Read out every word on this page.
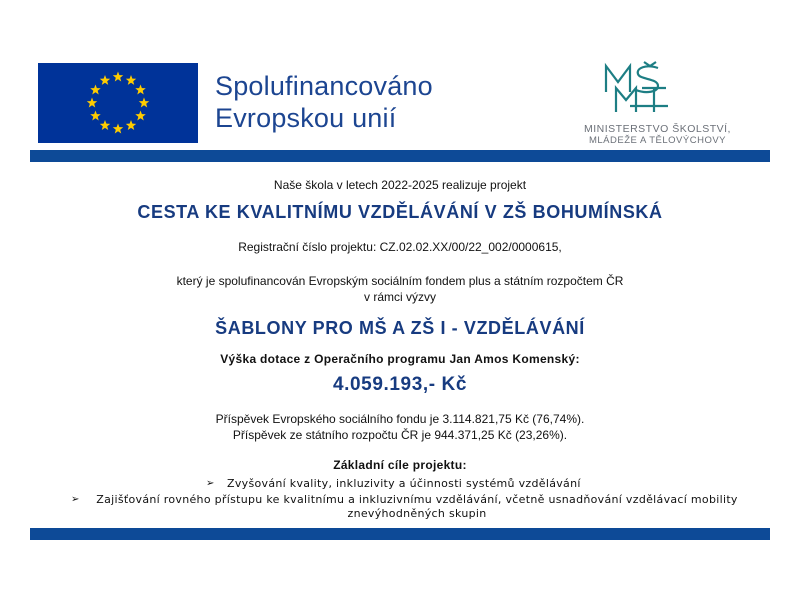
Spolufinancováno
Evropskou unií	MINISTERSTVO ŠKOLSTVÍ,
MLÁDEŽE A TĚLOVÝCHOVY
Naše škola v letech 2022-2025 realizuje projekt
CESTA KE KVALITNÍMU VZDĚLÁVÁNÍ V ZŠ BOHUMÍNSKÁ
Registrační číslo projektu: CZ.02.02.XX/00/22_002/0000615,
který je spolufinancován Evropským sociálním fondem plus a státním rozpočtem ČR
v rámci výzvy
ŠABLONY PRO MŠ A ZŠ I - VZDĚLÁVÁNÍ
Výška dotace z Operačního programu Jan Amos Komenský:
4.059.193,- Kč
Příspěvek Evropského sociálního fondu je 3.114.821,75 Kč (76,74%).
Příspěvek ze státního rozpočtu ČR je 944.371,25 Kč (23,26%).
Základní cíle projektu:
➢ Zvyšování kvality, inkluzivity a účinnosti systémů vzdělávání
➢	Zajišťování rovného přístupu ke kvalitnímu a inkluzivnímu vzdělávání, včetně usnadňování vzdělávací mobility znevýhodněných skupin
